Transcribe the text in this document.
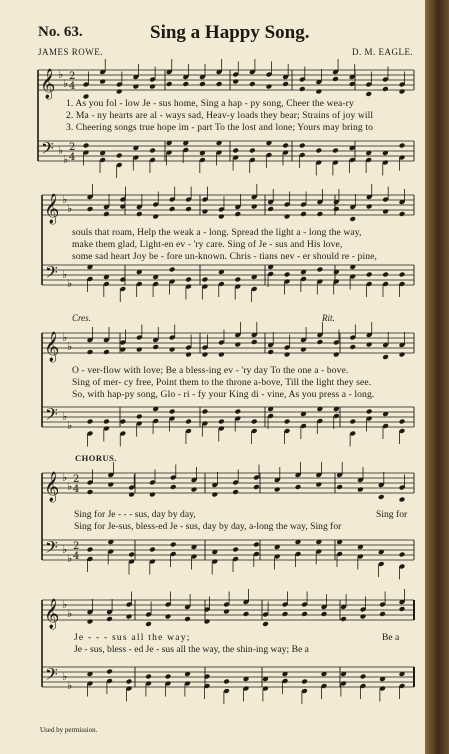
No. 63.	Sing a Happy Song.
JAMES ROWE.	D. M. EAGLE.
𝄞
𝄢
♭
♭
♭
♭
2
4
2
4
𝄞
𝄢
♭
♭
♭
♭
𝄞
𝄢
♭
♭
♭
♭
𝄞
𝄢
♭
♭
♭
♭
2
4
2
4
𝄞
𝄢
♭
♭
♭
♭
1. As you fol - low Je - sus home, Sing a hap - py song, Cheer the wea-ry
2. Ma - ny hearts are al - ways sad, Heav-y loads they bear; Strains of joy will
3. Cheering songs true hope im - part To the lost and lone; Yours may bring to
souls that roam, Help the weak a - long. Spread the light a - long the way,
make them glad, Light-en ev - 'ry care. Sing of Je - sus and His love,
some sad heart Joy be - fore un-known. Chris - tians nev - er should re - pine,
Cres.	Rit.
O - ver-flow with love; Be a bless-ing ev - 'ry day To the one a - bove.
Sing of mer- cy free, Point them to the throne a-bove, Till the light they see.
So, with hap-py song, Glo - ri - fy your King di - vine, As you press a - long.
CHORUS.
Sing for Je - - - sus, day by day,	Sing for
Sing for Je-sus, bless-ed Je - sus, day by day, a-long the way, Sing for
Je - - - sus all the way;	Be a
Je - sus, bless - ed Je - sus all the way, the shin-ing way; Be a
Used by permission.
